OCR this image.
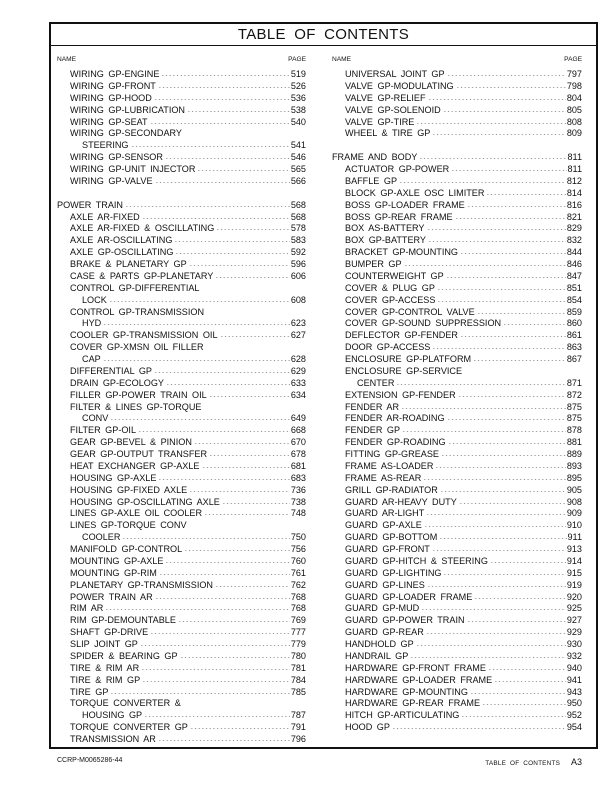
TABLE OF CONTENTS
NAME	PAGE
WIRING GP-ENGINE	519
WIRING GP-FRONT	526
WIRING GP-HOOD	536
WIRING GP-LUBRICATION	538
WIRING GP-SEAT	540
WIRING GP-SECONDARY
STEERING	541
WIRING GP-SENSOR	546
WIRING GP-UNIT INJECTOR	565
WIRING GP-VALVE	566
POWER TRAIN	568
AXLE AR-FIXED	568
AXLE AR-FIXED & OSCILLATING	578
AXLE AR-OSCILLATING	583
AXLE GP-OSCILLATING	592
BRAKE & PLANETARY GP	596
CASE & PARTS GP-PLANETARY	606
CONTROL GP-DIFFERENTIAL
LOCK	608
CONTROL GP-TRANSMISSION
HYD	623
COOLER GP-TRANSMISSION OIL	627
COVER GP-XMSN OIL FILLER
CAP	628
DIFFERENTIAL GP	629
DRAIN GP-ECOLOGY	633
FILLER GP-POWER TRAIN OIL	634
FILTER & LINES GP-TORQUE
CONV	649
FILTER GP-OIL	668
GEAR GP-BEVEL & PINION	670
GEAR GP-OUTPUT TRANSFER	678
HEAT EXCHANGER GP-AXLE	681
HOUSING GP-AXLE	683
HOUSING GP-FIXED AXLE	736
HOUSING GP-OSCILLATING AXLE	738
LINES GP-AXLE OIL COOLER	748
LINES GP-TORQUE CONV
COOLER	750
MANIFOLD GP-CONTROL	756
MOUNTING GP-AXLE	760
MOUNTING GP-RIM	761
PLANETARY GP-TRANSMISSION	762
POWER TRAIN AR	768
RIM AR	768
RIM GP-DEMOUNTABLE	769
SHAFT GP-DRIVE	777
SLIP JOINT GP	779
SPIDER & BEARING GP	780
TIRE & RIM AR	781
TIRE & RIM GP	784
TIRE GP	785
TORQUE CONVERTER &
HOUSING GP	787
TORQUE CONVERTER GP	791
TRANSMISSION AR	796
NAME	PAGE
UNIVERSAL JOINT GP	797
VALVE GP-MODULATING	798
VALVE GP-RELIEF	804
VALVE GP-SOLENOID	805
VALVE GP-TIRE	808
WHEEL & TIRE GP	809
FRAME AND BODY	811
ACTUATOR GP-POWER	811
BAFFLE GP	812
BLOCK GP-AXLE OSC LIMITER	814
BOSS GP-LOADER FRAME	816
BOSS GP-REAR FRAME	821
BOX AS-BATTERY	829
BOX GP-BATTERY	832
BRACKET GP-MOUNTING	844
BUMPER GP	846
COUNTERWEIGHT GP	847
COVER & PLUG GP	851
COVER GP-ACCESS	854
COVER GP-CONTROL VALVE	859
COVER GP-SOUND SUPPRESSION	860
DEFLECTOR GP-FENDER	861
DOOR GP-ACCESS	863
ENCLOSURE GP-PLATFORM	867
ENCLOSURE GP-SERVICE
CENTER	871
EXTENSION GP-FENDER	872
FENDER AR	875
FENDER AR-ROADING	875
FENDER GP	878
FENDER GP-ROADING	881
FITTING GP-GREASE	889
FRAME AS-LOADER	893
FRAME AS-REAR	895
GRILL GP-RADIATOR	905
GUARD AR-HEAVY DUTY	908
GUARD AR-LIGHT	909
GUARD GP-AXLE	910
GUARD GP-BOTTOM	911
GUARD GP-FRONT	913
GUARD GP-HITCH & STEERING	914
GUARD GP-LIGHTING	915
GUARD GP-LINES	919
GUARD GP-LOADER FRAME	920
GUARD GP-MUD	925
GUARD GP-POWER TRAIN	927
GUARD GP-REAR	929
HANDHOLD GP	930
HANDRAIL GP	932
HARDWARE GP-FRONT FRAME	940
HARDWARE GP-LOADER FRAME	941
HARDWARE GP-MOUNTING	943
HARDWARE GP-REAR FRAME	950
HITCH GP-ARTICULATING	952
HOOD GP	954
CCRP-M0065286-44	TABLE OF CONTENTS A3
